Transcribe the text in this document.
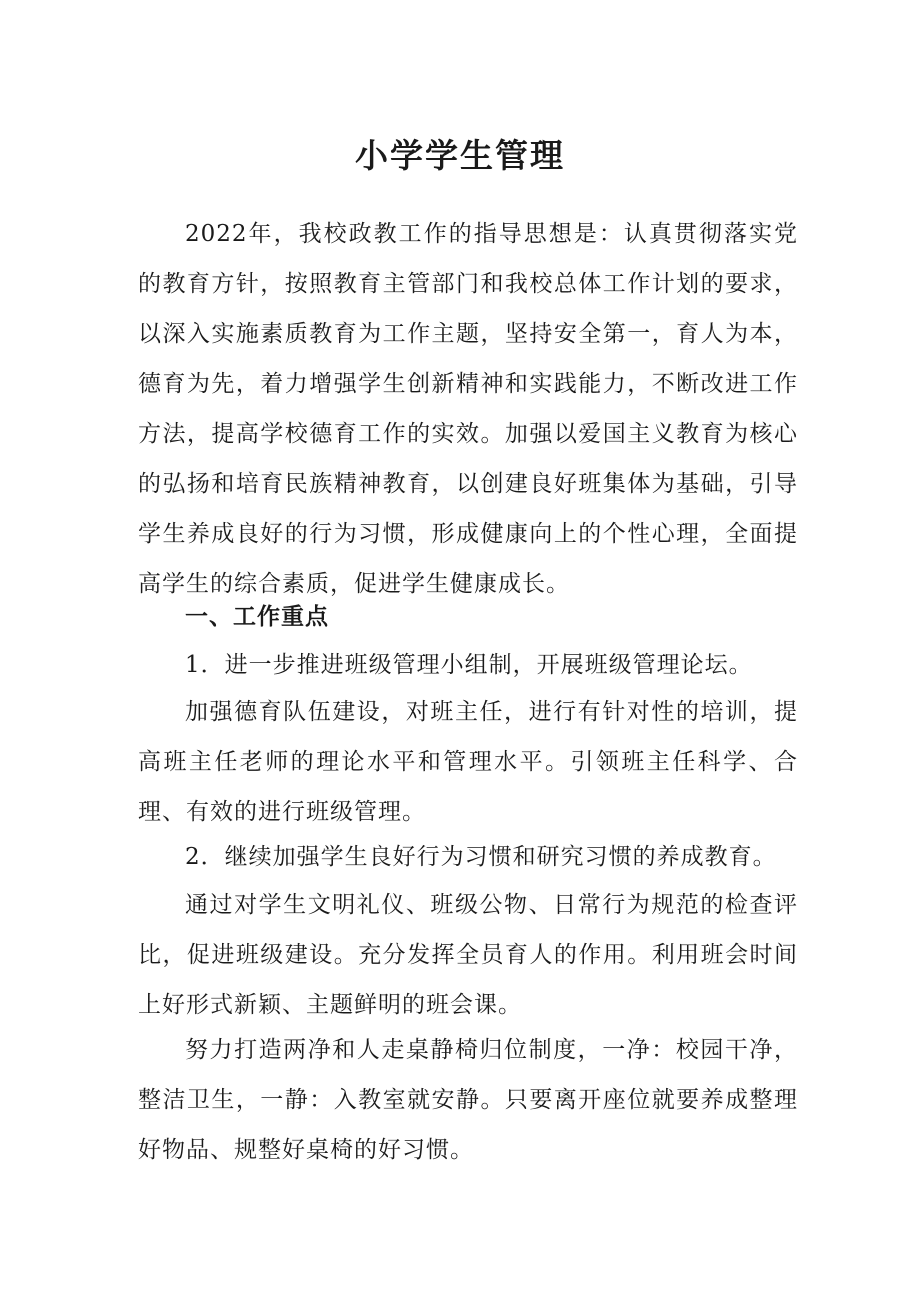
小学学生管理

2022年，我校政教工作的指导思想是：认真贯彻落实党的教育方针，按照教育主管部门和我校总体工作计划的要求，以深入实施素质教育为工作主题，坚持安全第一，育人为本，德育为先，着力增强学生创新精神和实践能力，不断改进工作方法，提高学校德育工作的实效。加强以爱国主义教育为核心的弘扬和培育民族精神教育，以创建良好班集体为基础，引导学生养成良好的行为习惯，形成健康向上的个性心理，全面提高学生的综合素质，促进学生健康成长。

一、工作重点

1．进一步推进班级管理小组制，开展班级管理论坛。

加强德育队伍建设，对班主任，进行有针对性的培训，提高班主任老师的理论水平和管理水平。引领班主任科学、合理、有效的进行班级管理。

2．继续加强学生良好行为习惯和研究习惯的养成教育。

通过对学生文明礼仪、班级公物、日常行为规范的检查评比，促进班级建设。充分发挥全员育人的作用。利用班会时间上好形式新颖、主题鲜明的班会课。

努力打造两净和人走桌静椅归位制度，一净：校园干净，整洁卫生，一静：入教室就安静。只要离开座位就要养成整理好物品、规整好桌椅的好习惯。
